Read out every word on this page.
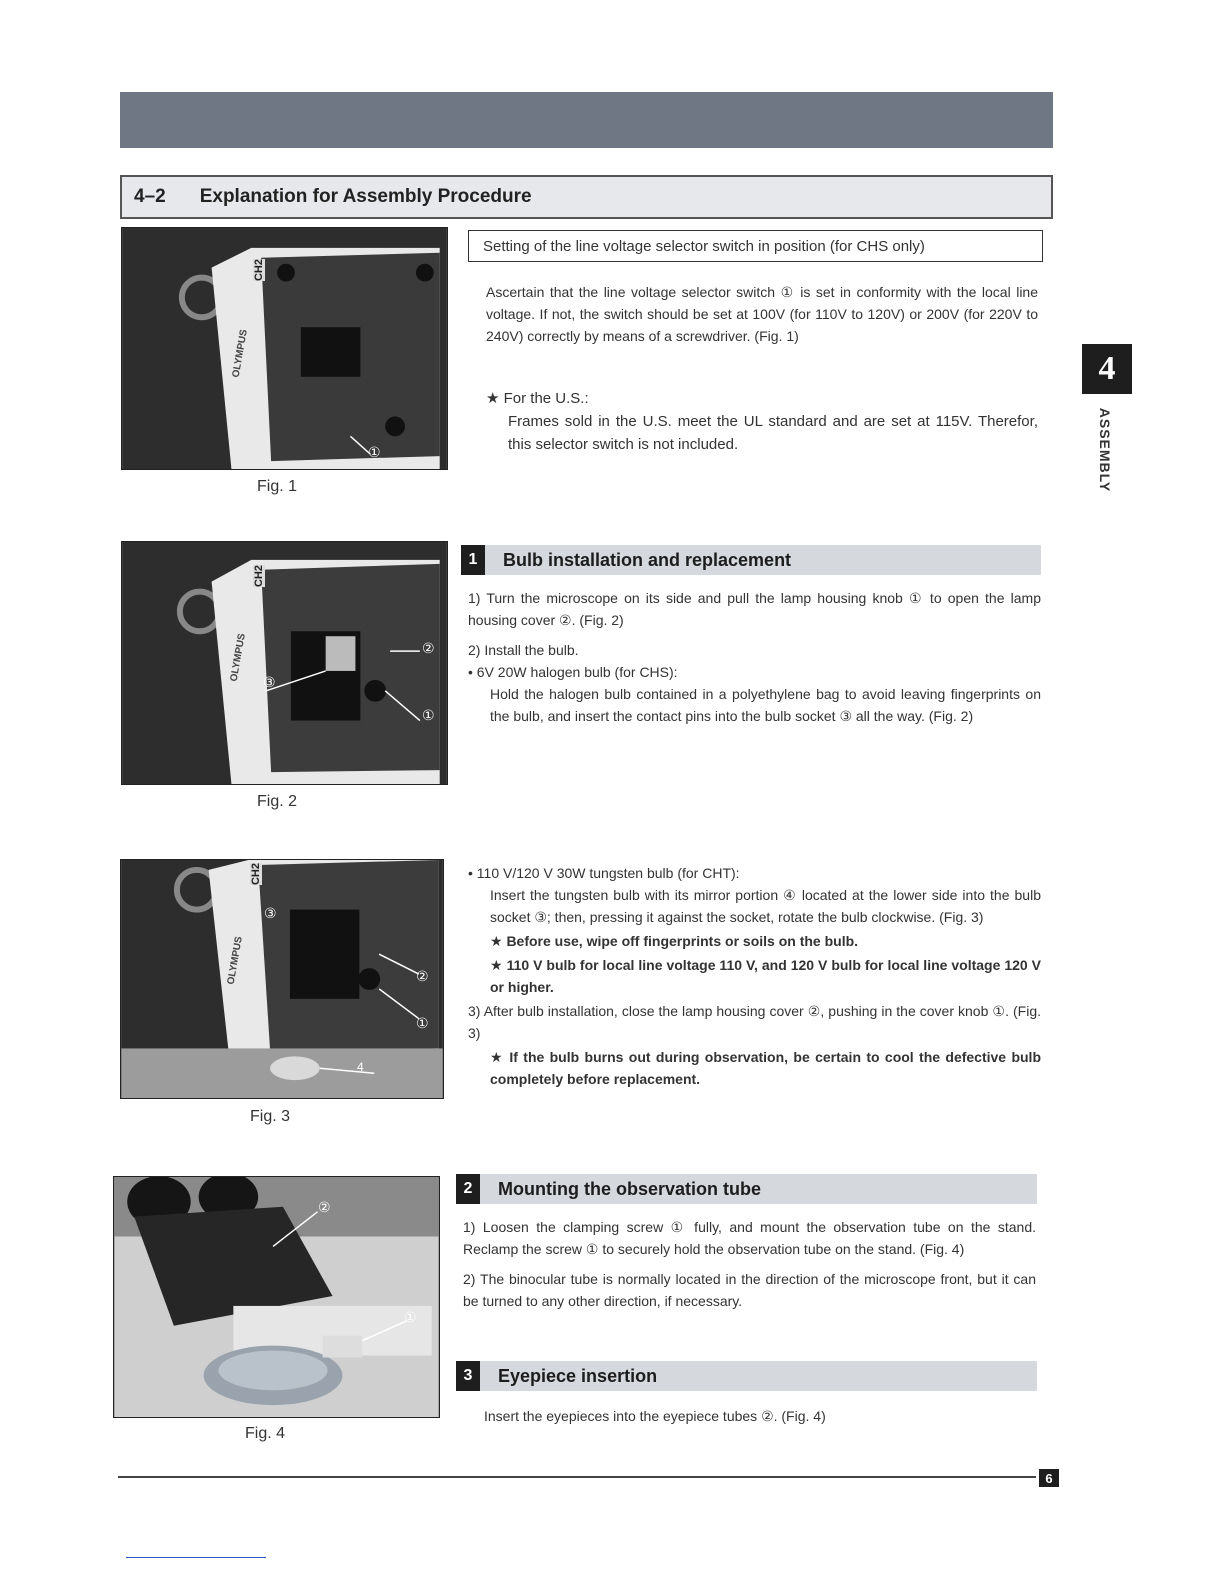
4–2 Explanation for Assembly Procedure
4
ASSEMBLY
CH2
OLYMPUS
①
Fig. 1
Setting of the line voltage selector switch in position (for CHS only)

Ascertain that the line voltage selector switch ① is set in conformity with the local line voltage. If not, the switch should be set at 100V (for 110V to 120V) or 200V (for 220V to 240V) correctly by means of a screwdriver. (Fig. 1)

★ For the U.S.:

Frames sold in the U.S. meet the UL standard and are set at 115V. Therefor, this selector switch is not included.

CH2
OLYMPUS	②
①
③
Fig. 2
1	Bulb installation and replacement

1) Turn the microscope on its side and pull the lamp housing knob ① to open the lamp housing cover ②. (Fig. 2)

2) Install the bulb.

• 6V 20W halogen bulb (for CHS):

Hold the halogen bulb contained in a polyethylene bag to avoid leaving fingerprints on the bulb, and insert the contact pins into the bulb socket ③ all the way. (Fig. 2)

CH2
OLYMPUS
③
②
①
4
Fig. 3

• 110 V/120 V 30W tungsten bulb (for CHT):

Insert the tungsten bulb with its mirror portion ④ located at the lower side into the bulb socket ③; then, pressing it against the socket, rotate the bulb clockwise. (Fig. 3)

★ Before use, wipe off fingerprints or soils on the bulb.

★ 110 V bulb for local line voltage 110 V, and 120 V bulb for local line voltage 120 V or higher.

3) After bulb installation, close the lamp housing cover ②, pushing in the cover knob ①. (Fig. 3)

★ If the bulb burns out during observation, be certain to cool the defective bulb completely before replacement.

②
①
Fig. 4
2	Mounting the observation tube

1) Loosen the clamping screw ① fully, and mount the observation tube on the stand. Reclamp the screw ① to securely hold the observation tube on the stand. (Fig. 4)

2) The binocular tube is normally located in the direction of the microscope front, but it can be turned to any other direction, if necessary.

3	Eyepiece insertion
Insert the eyepieces into the eyepiece tubes ②. (Fig. 4)
6
